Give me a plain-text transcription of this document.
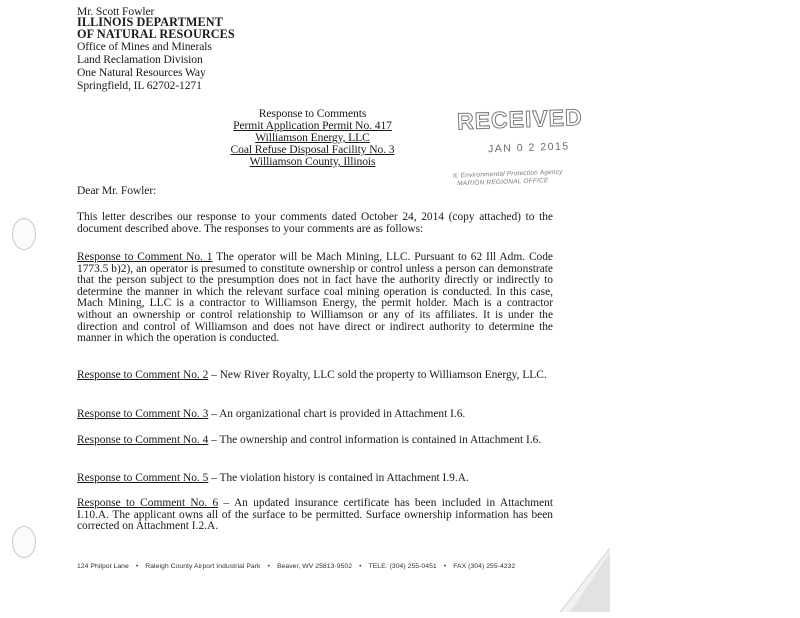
Mr. Scott Fowler
ILLINOIS DEPARTMENT
OF NATURAL RESOURCES
Office of Mines and Minerals
Land Reclamation Division
One Natural Resources Way
Springfield, IL 62702-1271
Response to Comments
Permit Application Permit No. 417
Williamson Energy, LLC
Coal Refuse Disposal Facility No. 3
Williamson County, Illinois
RECEIVED
JAN 0 2 2015
IL Environmental Protection Agency
MARION REGIONAL OFFICE
Dear Mr. Fowler:
This letter describes our response to your comments dated October 24, 2014 (copy attached) to the document described above. The responses to your comments are as follows:
Response to Comment No. 1 The operator will be Mach Mining, LLC. Pursuant to 62 Ill Adm. Code 1773.5 b)2), an operator is presumed to constitute ownership or control unless a person can demonstrate that the person subject to the presumption does not in fact have the authority directly or indirectly to determine the manner in which the relevant surface coal mining operation is conducted. In this case, Mach Mining, LLC is a contractor to Williamson Energy, the permit holder. Mach is a contractor without an ownership or control relationship to Williamson or any of its affiliates. It is under the direction and control of Williamson and does not have direct or indirect authority to determine the manner in which the operation is conducted.
Response to Comment No. 2 – New River Royalty, LLC sold the property to Williamson Energy, LLC.
Response to Comment No. 3 – An organizational chart is provided in Attachment I.6.
Response to Comment No. 4 – The ownership and control information is contained in Attachment I.6.
Response to Comment No. 5 – The violation history is contained in Attachment I.9.A.
Response to Comment No. 6 – An updated insurance certificate has been included in Attachment I.10.A. The applicant owns all of the surface to be permitted. Surface ownership information has been corrected on Attachment I.2.A.
124 Philpot Lane • Raleigh County Airport Industrial Park • Beaver, WV 25813-9502 • TELE: (304) 255-0451 • FAX (304) 255-4232
